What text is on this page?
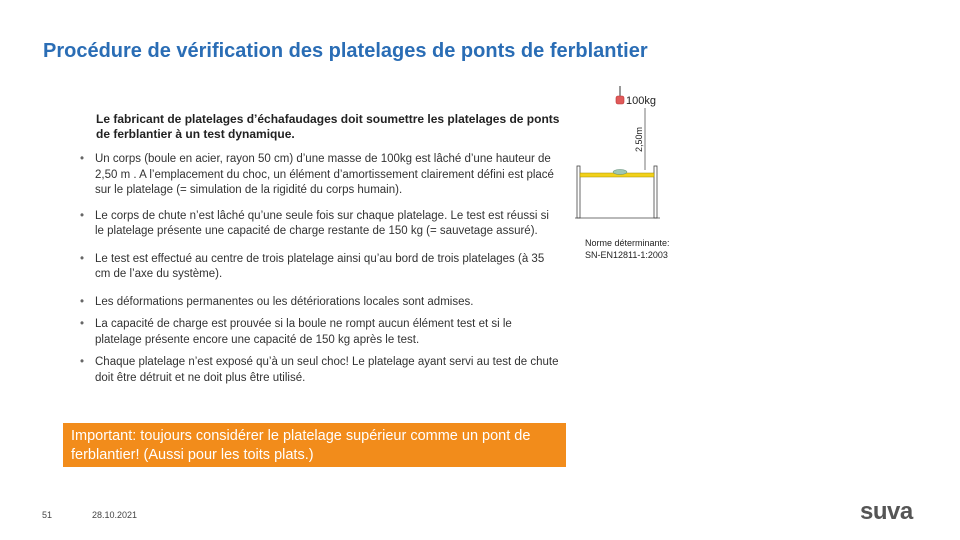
Procédure de vérification des platelages de ponts de ferblantier
Le fabricant de platelages d’échafaudages doit soumettre les platelages de ponts de ferblantier à un test dynamique.
• Un corps (boule en acier, rayon 50 cm) d’une masse de 100kg est lâché d’une hauteur de 2,50 m . A l’emplacement du choc, un élément d’amortissement clairement défini est placé sur le platelage (= simulation de la rigidité du corps humain).
• Le corps de chute n’est lâché qu’une seule fois sur chaque platelage. Le test est réussi si le platelage présente une capacité de charge restante de 150 kg (= sauvetage assuré).
• Le test est effectué au centre de trois platelage ainsi qu’au bord de trois platelages (à 35 cm de l’axe du système).
• Les déformations permanentes ou les détériorations locales sont admises.
• La capacité de charge est prouvée si la boule ne rompt aucun élément test et si le platelage présente encore une capacité de 150 kg après le test.
• Chaque platelage n’est exposé qu’à un seul choc! Le platelage ayant servi au test de chute doit être détruit et ne doit plus être utilisé.
Important: toujours considérer le platelage supérieur comme un pont de ferblantier! (Aussi pour les toits plats.)
100kg
2,50m
Norme déterminante:
SN-EN12811-1:2003
51	28.10.2021	suva
